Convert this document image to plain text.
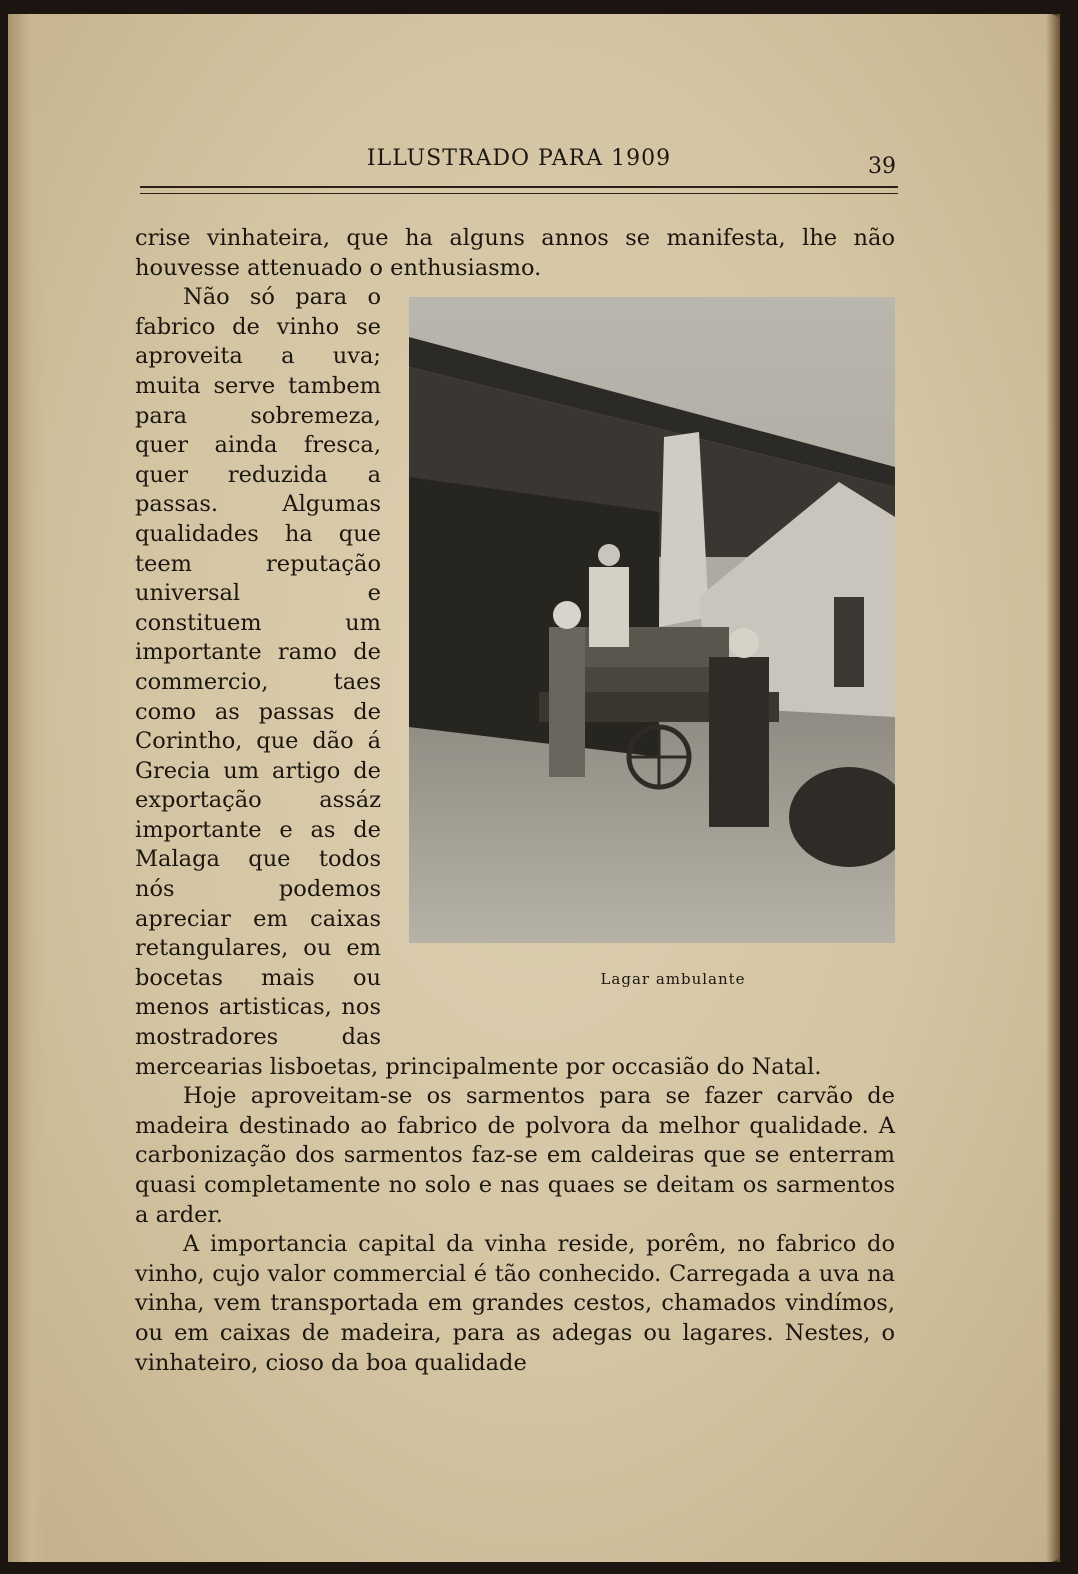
ILLUSTRADO PARA 1909	39

crise vinhateira, que ha alguns annos se manifesta, lhe não houvesse attenuado o enthusiasmo.

Lagar ambulante

Não só para o fabrico de vinho se aproveita a uva; muita serve tambem para sobremeza, quer ainda fresca, quer reduzida a passas. Algumas qualidades ha que teem reputação universal e constituem um importante ramo de commercio, taes como as passas de Corintho, que dão á Grecia um artigo de exportação assáz importante e as de Malaga que todos nós podemos apreciar em caixas retangulares, ou em bocetas mais ou menos artisticas, nos mostradores das mercearias lisboetas, principalmente por occasião do Natal.

Hoje aproveitam-se os sarmentos para se fazer carvão de madeira destinado ao fabrico de polvora da melhor qualidade. A carbonização dos sarmentos faz-se em caldeiras que se enterram quasi completamente no solo e nas quaes se deitam os sarmentos a arder.

A importancia capital da vinha reside, porêm, no fabrico do vinho, cujo valor commercial é tão conhecido. Carregada a uva na vinha, vem transportada em grandes cestos, chamados vindímos, ou em caixas de madeira, para as adegas ou lagares. Nestes, o vinhateiro, cioso da boa qualidade
